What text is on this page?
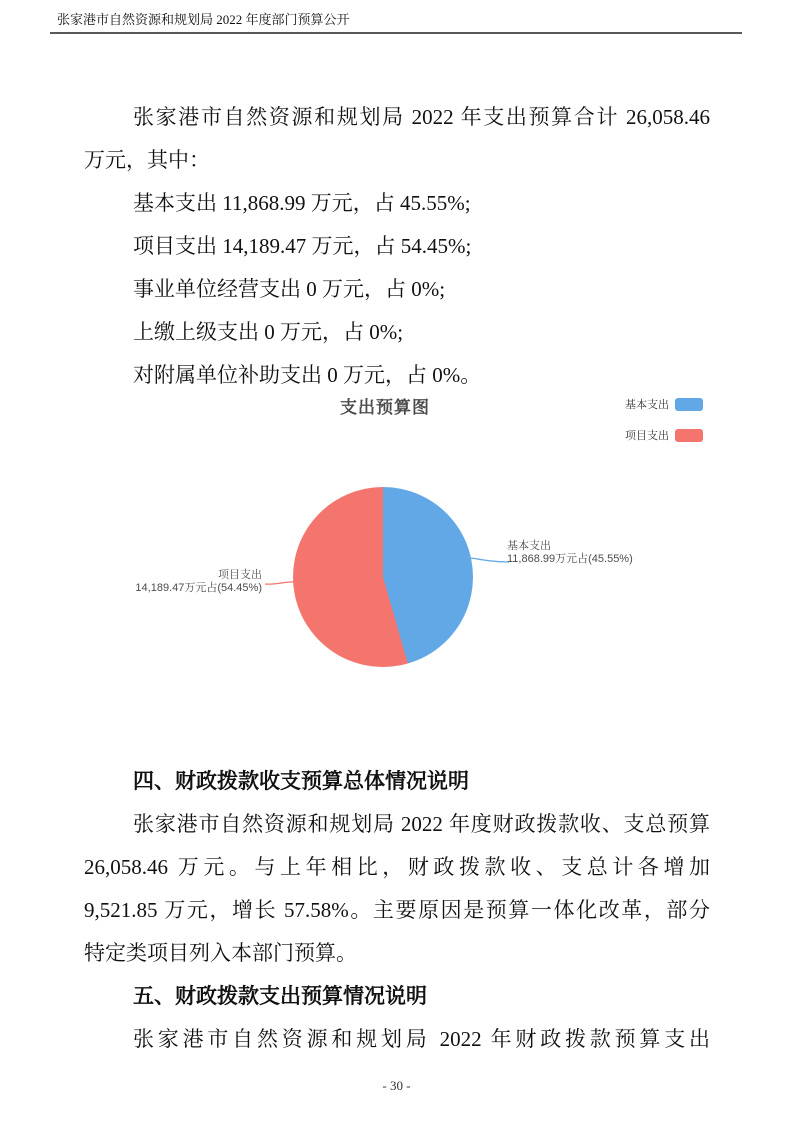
张家港市自然资源和规划局 2022 年度部门预算公开
张家港市自然资源和规划局 2022 年支出预算合计 26,058.46
万元，其中：
基本支出 11,868.99 万元，占 45.55%;
项目支出 14,189.47 万元，占 54.45%;
事业单位经营支出 0 万元，占 0%;
上缴上级支出 0 万元，占 0%;
对附属单位补助支出 0 万元，占 0%。
支出预算图	基本支出
项目支出
基本支出
11,868.99万元占(45.55%)
项目支出
14,189.47万元占(54.45%)
四、财政拨款收支预算总体情况说明
张家港市自然资源和规划局 2022 年度财政拨款收、支总预算
26,058.46 万元。与上年相比，财政拨款收、支总计各增加
9,521.85 万元，增长 57.58%。主要原因是预算一体化改革，部分
特定类项目列入本部门预算。
五、财政拨款支出预算情况说明
张家港市自然资源和规划局 2022 年财政拨款预算支出
- 30 -
